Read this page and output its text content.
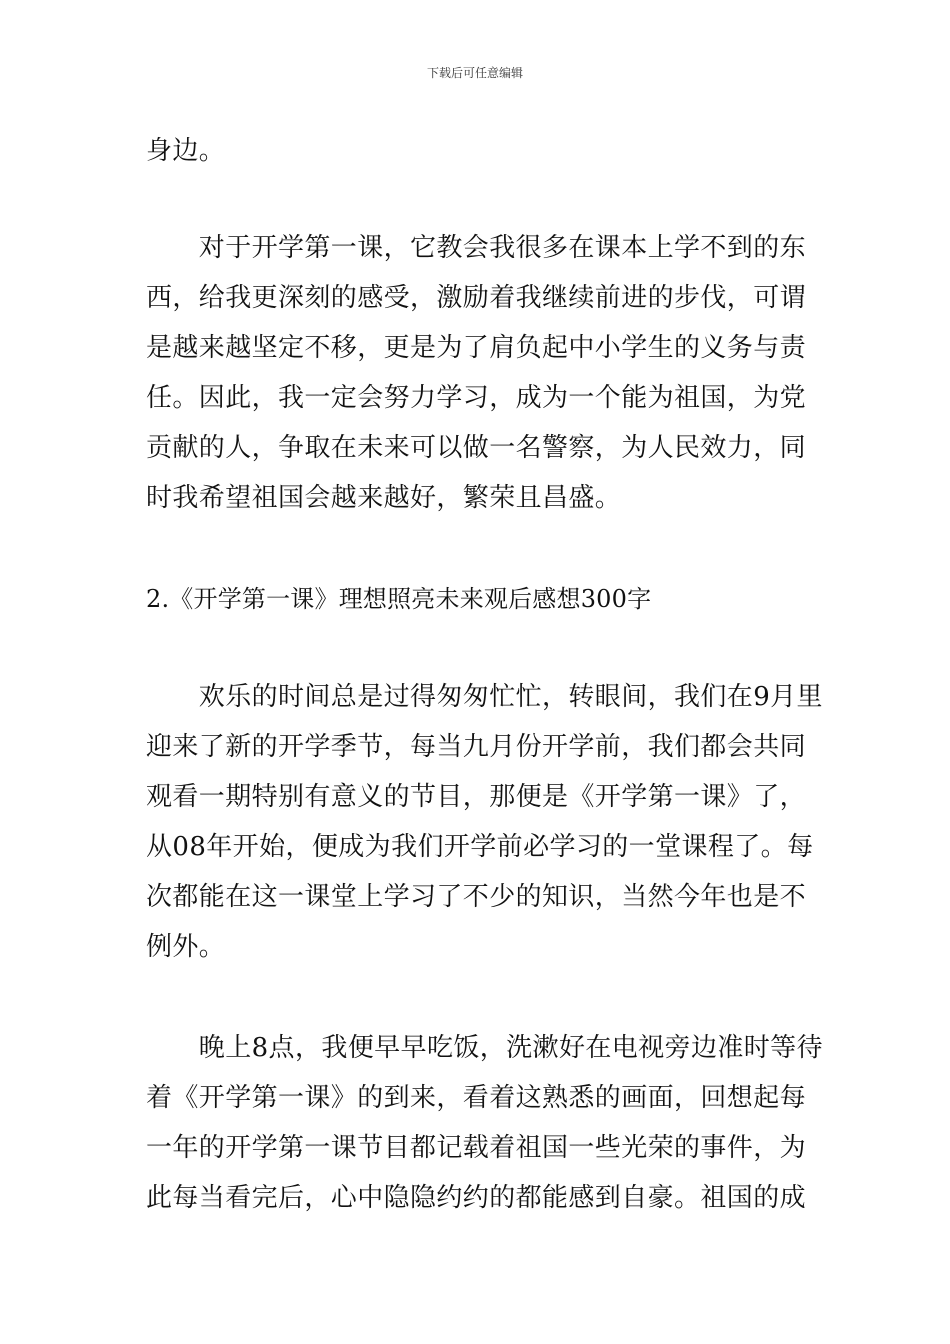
下载后可任意编辑
身边。
　　对于开学第一课，它教会我很多在课本上学不到的东
西，给我更深刻的感受，激励着我继续前进的步伐，可谓
是越来越坚定不移，更是为了肩负起中小学生的义务与责
任。因此，我一定会努力学习，成为一个能为祖国，为党
贡献的人，争取在未来可以做一名警察，为人民效力，同
时我希望祖国会越来越好，繁荣且昌盛。
2.《开学第一课》理想照亮未来观后感想300字
　　欢乐的时间总是过得匆匆忙忙，转眼间，我们在9月里
迎来了新的开学季节，每当九月份开学前，我们都会共同
观看一期特别有意义的节目，那便是《开学第一课》了，
从08年开始，便成为我们开学前必学习的一堂课程了。每
次都能在这一课堂上学习了不少的知识，当然今年也是不
例外。
　　晚上8点，我便早早吃饭，洗漱好在电视旁边准时等待
着《开学第一课》的到来，看着这熟悉的画面，回想起每
一年的开学第一课节目都记载着祖国一些光荣的事件，为
此每当看完后，心中隐隐约约的都能感到自豪。祖国的成
